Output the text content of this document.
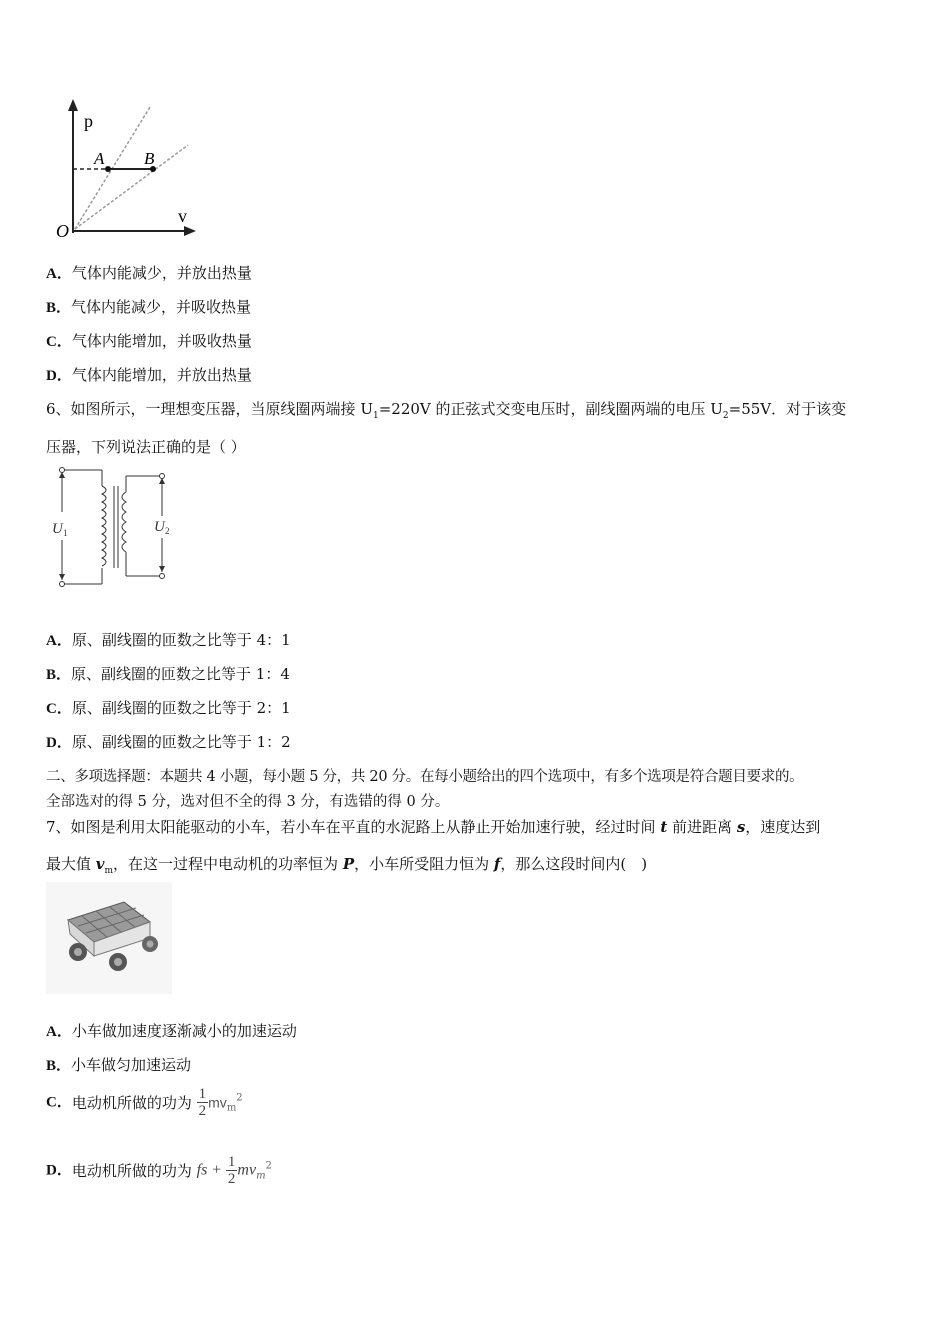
p
v
O
A B
A．气体内能减少，并放出热量
B．气体内能减少，并吸收热量
C．气体内能增加，并吸收热量
D．气体内能增加，并放出热量
6、如图所示，一理想变压器，当原线圈两端接 $U_1=220V$ 的正弦式交变电压时，副线圈两端的电压 $U_2=55V$．对于该变
压器，下列说法正确的是（ ）
U 1	U 2
A．原、副线圈的匝数之比等于 4：1
B．原、副线圈的匝数之比等于 1：4
C．原、副线圈的匝数之比等于 2：1
D．原、副线圈的匝数之比等于 1：2
二、多项选择题：本题共 4 小题，每小题 5 分，共 20 分。在每小题给出的四个选项中，有多个选项是符合题目要求的。
全部选对的得 5 分，选对但不全的得 3 分，有选错的得 0 分。
7、如图是利用太阳能驱动的小车，若小车在平直的水泥路上从静止开始加速行驶，经过时间 t 前进距离 s，速度达到
最大值 $v_m$，在这一过程中电动机的功率恒为 P，小车所受阻力恒为 f，那么这段时间内(　)
A．小车做加速度逐渐减小的加速运动
B．小车做匀加速运动
C．电动机所做的功为 $\frac{1}{2} mv_m^2$
D．电动机所做的功为 fs + $\frac{1}{2} mv_m^2$
